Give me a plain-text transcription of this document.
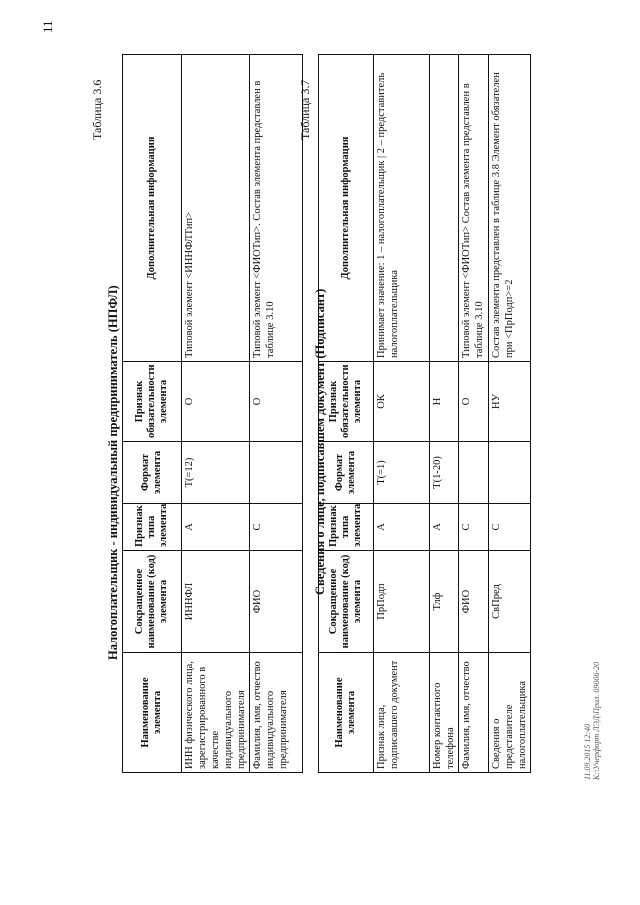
11
Таблица 3.6
Налогоплательщик - индивидуальный предприниматель (НПФЛ)
Наименование элемента	Сокращенное наименование (код) элемента	Признак типа элемента	Формат элемента	Признак обязательности элемента	Дополнительная информация
ИНН физического лица, зарегистрированного в качестве индивидуального предпринимателя	ИННФЛ	А	T(=12)	О	Типовой элемент <ИННФЛТип>
Фамилия, имя, отчество индивидуального предпринимателя	ФИО	С		О	Типовой элемент <ФИОТип>. Состав элемента представлен в таблице 3.10
Таблица 3.7
Сведения о лице, подписавшем документ (Подписант)
Наименование элемента	Сокращенное наименование (код) элемента	Признак типа элемента	Формат элемента	Признак обязательности элемента	Дополнительная информация
Признак лица, подписавшего документ	ПрПодп	А	T(=1)	ОК	Принимает значение: 1 – налогоплательщик | 2 – представитель налогоплательщика
Номер контактного телефона	Тлф	А	T(1-20)	Н	
Фамилия, имя, отчество	ФИО	С		О	Типовой элемент <ФИОТип> Состав элемента представлен в таблице 3.10
Сведения о представителе налогоплательщика	СвПред	С		НУ	Состав элемента представлен в таблице 3.8 Элемент обязателен при <ПрПодп>=2
11.09.2015 12:40 К:\Учерфорт ЛЭД\Прил. 09006-20
